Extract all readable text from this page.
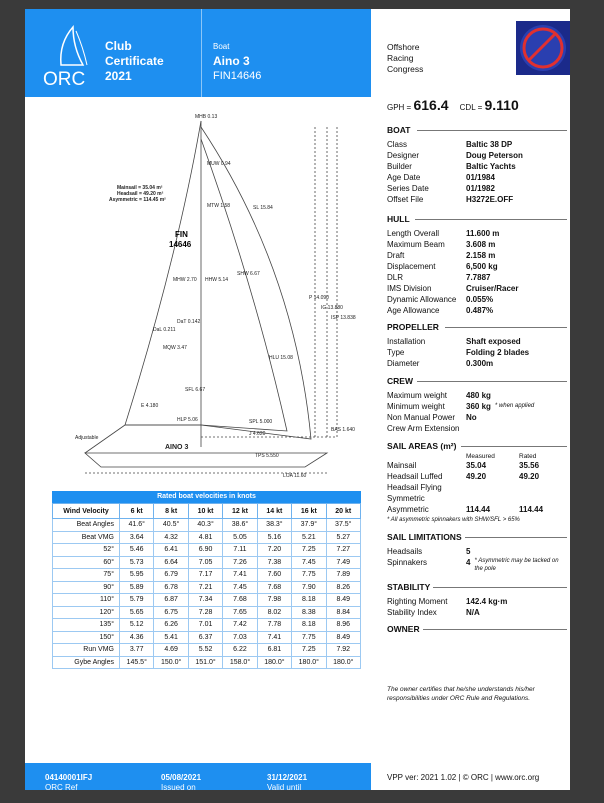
ORC
Club
Certificate
2021
Boat
Aino 3
FIN14646
Offshore
Racing
Congress
GPH = 616.4 CDL = 9.110
MHB 0.13
MUW 0.94
MTW 1.58
MHW 2.70 HHW 5.14
SHW 6.67
SL 15.84
P 14.090
IG 13.880
ISP 13.838
DaT 0.142
DaL 0.211
MQW 3.47
HLU 15.08
SFL 6.67
E 4.180
HLP 5.06	SPL 5.000
BAS 1.640
J 4.620
Adjustable
TPS 5.550
LOA 11.60
Mainsail = 35.04 m²
Headsail = 49.20 m²
Asymmetric = 114.45 m²
AINO 3
FIN 14646
Rated boat velocities in knots
Wind Velocity	6 kt	8 kt	10 kt	12 kt	14 kt	16 kt	20 kt
Beat Angles	41.6°	40.5°	40.3°	38.6°	38.3°	37.9°	37.5°
Beat VMG	3.64	4.32	4.81	5.05	5.16	5.21	5.27
52°	5.46	6.41	6.90	7.11	7.20	7.25	7.27
60°	5.73	6.64	7.05	7.26	7.38	7.45	7.49
75°	5.95	6.79	7.17	7.41	7.60	7.75	7.89
90°	5.89	6.78	7.21	7.45	7.68	7.90	8.26
110°	5.79	6.87	7.34	7.68	7.98	8.18	8.49
120°	5.65	6.75	7.28	7.65	8.02	8.38	8.84
135°	5.12	6.26	7.01	7.42	7.78	8.18	8.96
150°	4.36	5.41	6.37	7.03	7.41	7.75	8.49
Run VMG	3.77	4.69	5.52	6.22	6.81	7.25	7.92
Gybe Angles	145.5°	150.0°	151.0°	158.0°	180.0°	180.0°	180.0°
BOAT
Class	Baltic 38 DP
Designer	Doug Peterson
Builder	Baltic Yachts
Age Date	01/1984
Series Date	01/1982
Offset File	H3272E.OFF
HULL
Length Overall	11.600 m
Maximum Beam	3.608 m
Draft	2.158 m
Displacement	6,500 kg
DLR	7.7887
IMS Division	Cruiser/Racer
Dynamic Allowance	0.055%
Age Allowance	0.487%
PROPELLER
Installation	Shaft exposed
Type	Folding 2 blades
Diameter	0.300m
CREW
Maximum weight	480 kg
Minimum weight	360 kg * when applied
Non Manual Power	No
Crew Arm Extension
SAIL AREAS (m²)
Measured	Rated
Mainsail	35.04	35.56
Headsail Luffed	49.20	49.20
Headsail Flying
Symmetric
Asymmetric	114.44	114.44
* All asymmetric spinnakers with SHW/SFL > 65%
SAIL LIMITATIONS
Headsails	5
Spinnakers	4 * Asymmetric may be tacked on the pole
STABILITY
Righting Moment	142.4 kg·m
Stability Index	N/A
OWNER
The owner certifies that he/she understands his/her responsibilities under ORC Rule and Regulations.
ORC Ref
04140001IFJ
Issued on
05/08/2021
Valid until
31/12/2021	VPP ver: 2021 1.02 | © ORC | www.orc.org
